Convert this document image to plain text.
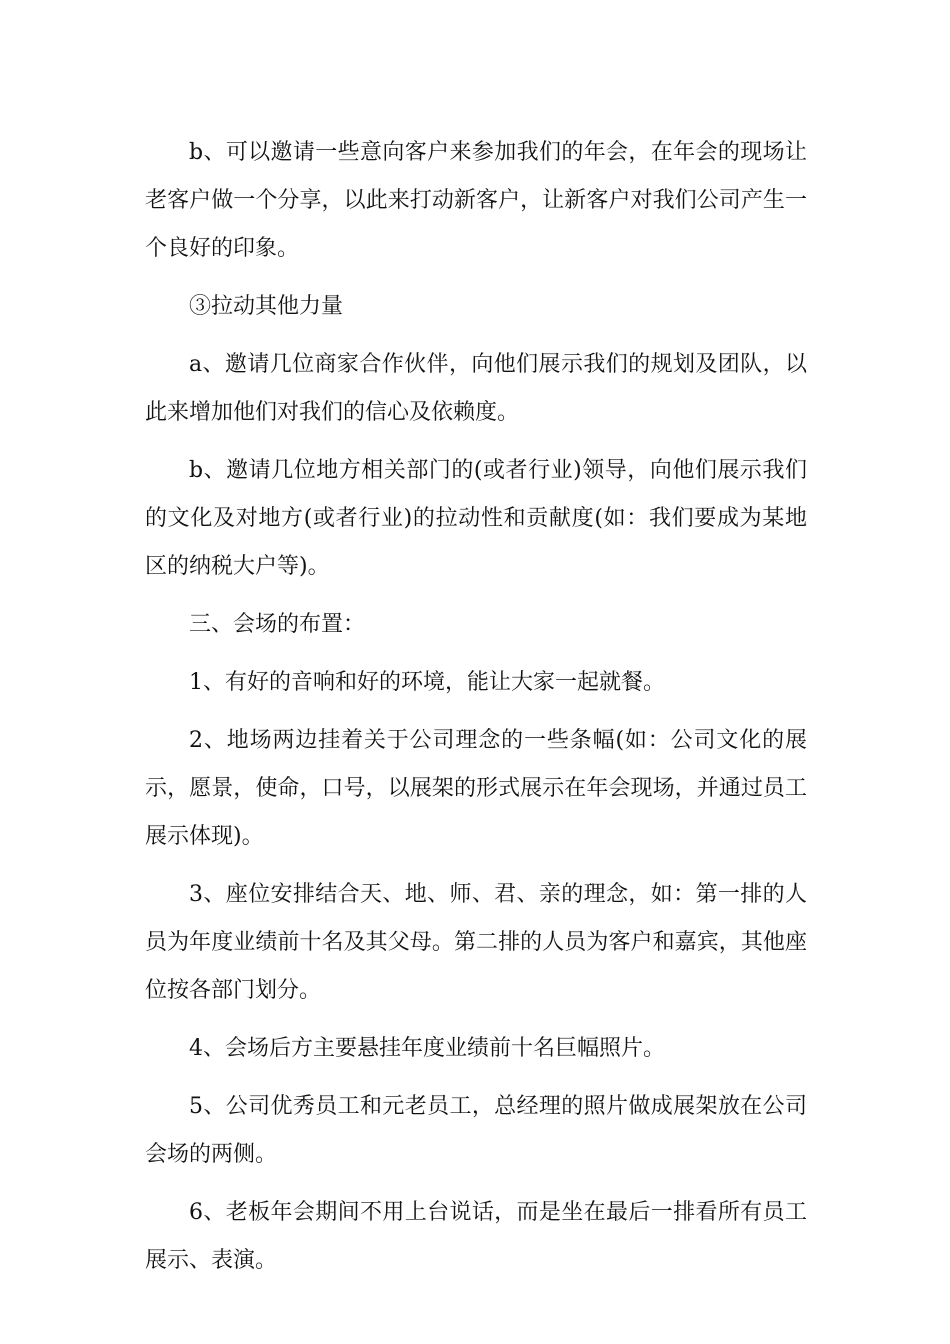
b、可以邀请一些意向客户来参加我们的年会，在年会的现场让老客户做一个分享，以此来打动新客户，让新客户对我们公司产生一个良好的印象。

③拉动其他力量

a、邀请几位商家合作伙伴，向他们展示我们的规划及团队，以此来增加他们对我们的信心及依赖度。

b、邀请几位地方相关部门的(或者行业)领导，向他们展示我们的文化及对地方(或者行业)的拉动性和贡献度(如：我们要成为某地区的纳税大户等)。

三、会场的布置：

1、有好的音响和好的环境，能让大家一起就餐。

2、地场两边挂着关于公司理念的一些条幅(如：公司文化的展示，愿景，使命，口号，以展架的形式展示在年会现场，并通过员工展示体现)。

3、座位安排结合天、地、师、君、亲的理念，如：第一排的人员为年度业绩前十名及其父母。第二排的人员为客户和嘉宾，其他座位按各部门划分。

4、会场后方主要悬挂年度业绩前十名巨幅照片。

5、公司优秀员工和元老员工，总经理的照片做成展架放在公司会场的两侧。

6、老板年会期间不用上台说话，而是坐在最后一排看所有员工展示、表演。
